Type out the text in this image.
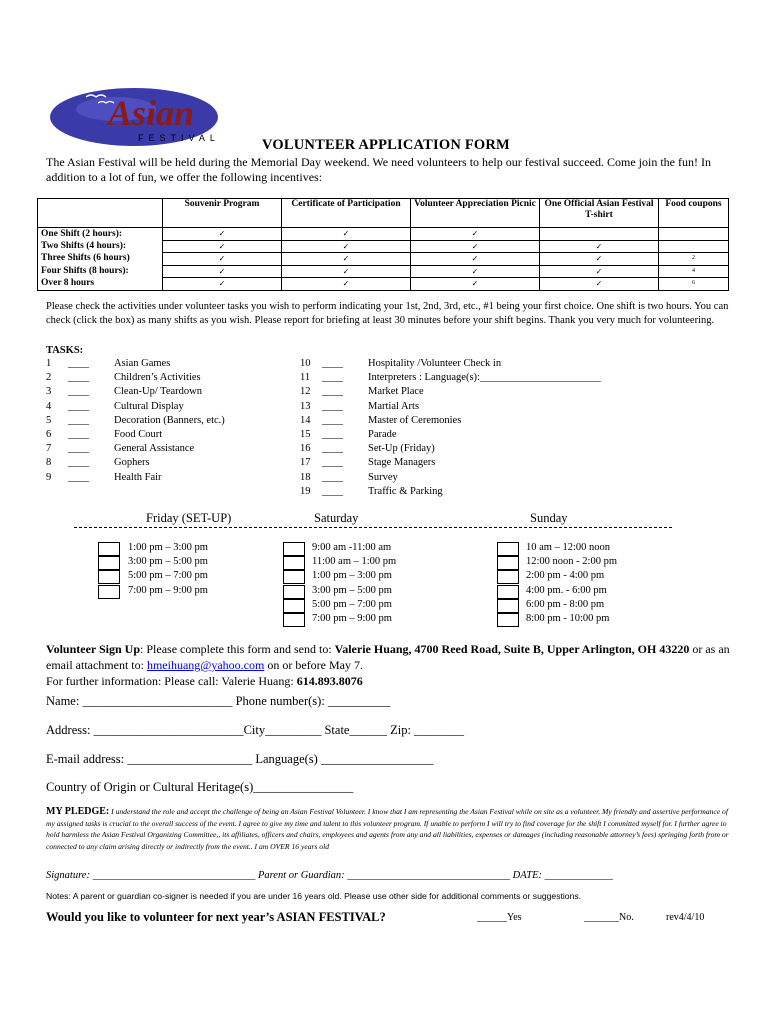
Asian
FESTIVAL	VOLUNTEER APPLICATION FORM
The Asian Festival will be held during the Memorial Day weekend. We need volunteers to help our festival succeed. Come join the fun! In addition to a lot of fun, we offer the following incentives:
	Souvenir Program	Certificate of Participation	Volunteer Appreciation Picnic	One Official Asian Festival T-shirt	Food coupons
One Shift (2 hours):	✓	✓	✓		
Two Shifts (4 hours):	✓	✓	✓	✓	
Three Shifts (6 hours)	✓	✓	✓	✓	2
Four Shifts (8 hours):	✓	✓	✓	✓	4
Over 8 hours	✓	✓	✓	✓	6
Please check the activities under volunteer tasks you wish to perform indicating your 1st, 2nd, 3rd, etc., #1 being your first choice. One shift is two hours. You can check (click the box) as many shifts as you wish. Please report for briefing at least 30 minutes before your shift begins. Thank you very much for volunteering.
TASKS:
1 ____ Asian Games
2 ____ Children’s Activities
3 ____ Clean-Up/ Teardown
4 ____ Cultural Display
5 ____ Decoration (Banners, etc.)
6 ____ Food Court
7 ____ General Assistance
8 ____ Gophers
9 ____ Health Fair
10 ____ Hospitality /Volunteer Check in
11 ____ Interpreters : Language(s):_______________________
12 ____ Market Place
13 ____ Martial Arts
14 ____ Master of Ceremonies
15 ____ Parade
16 ____ Set-Up (Friday)
17 ____ Stage Managers
18 ____ Survey
19 ____ Traffic & Parking
Friday (SET-UP)	Saturday	Sunday
1:00 pm – 3:00 pm
3:00 pm – 5:00 pm
5:00 pm – 7:00 pm
7:00 pm – 9:00 pm
9:00 am -11:00 am
11:00 am – 1:00 pm
1:00 pm – 3:00 pm
3:00 pm – 5:00 pm
5:00 pm – 7:00 pm
7:00 pm – 9:00 pm
10 am – 12:00 noon
12:00 noon - 2:00 pm
2:00 pm - 4:00 pm
4:00 pm. - 6:00 pm
6:00 pm - 8:00 pm
8:00 pm - 10:00 pm
Volunteer Sign Up: Please complete this form and send to: Valerie Huang, 4700 Reed Road, Suite B, Upper Arlington, OH 43220 or as an email attachment to: hmeihuang@yahoo.com on or before May 7.
For further information: Please call: Valerie Huang: 614.893.8076
Name: ________________________ Phone number(s): __________
Address: ________________________City_________ State______ Zip: ________
E-mail address: ____________________ Language(s) __________________
Country of Origin or Cultural Heritage(s)________________
MY PLEDGE: I understand the role and accept the challenge of being an Asian Festival Volunteer. I know that I am representing the Asian Festival while on site as a volunteer. My friendly and assertive performance of my assigned tasks is crucial to the overall success of the event. I agree to give my time and talent to this volunteer program. If unable to perform I will try to find coverage for the shift I committed myself for. I further agree to hold harmless the Asian Festival Organizing Committee,, its affiliates, officers and chairs, employees and agents from any and all liabilities, expenses or damages (including reasonable attorney’s fees) springing forth from or connected to any claim arising directly or indirectly from the event.. I am OVER 16 years old
Signature: _______________________________ Parent or Guardian: _______________________________ DATE: _____________
Notes: A parent or guardian co-signer is needed if you are under 16 years old. Please use other side for additional comments or suggestions.
Would you like to volunteer for next year’s ASIAN FESTIVAL?	______Yes	_______No.	rev4/4/10
